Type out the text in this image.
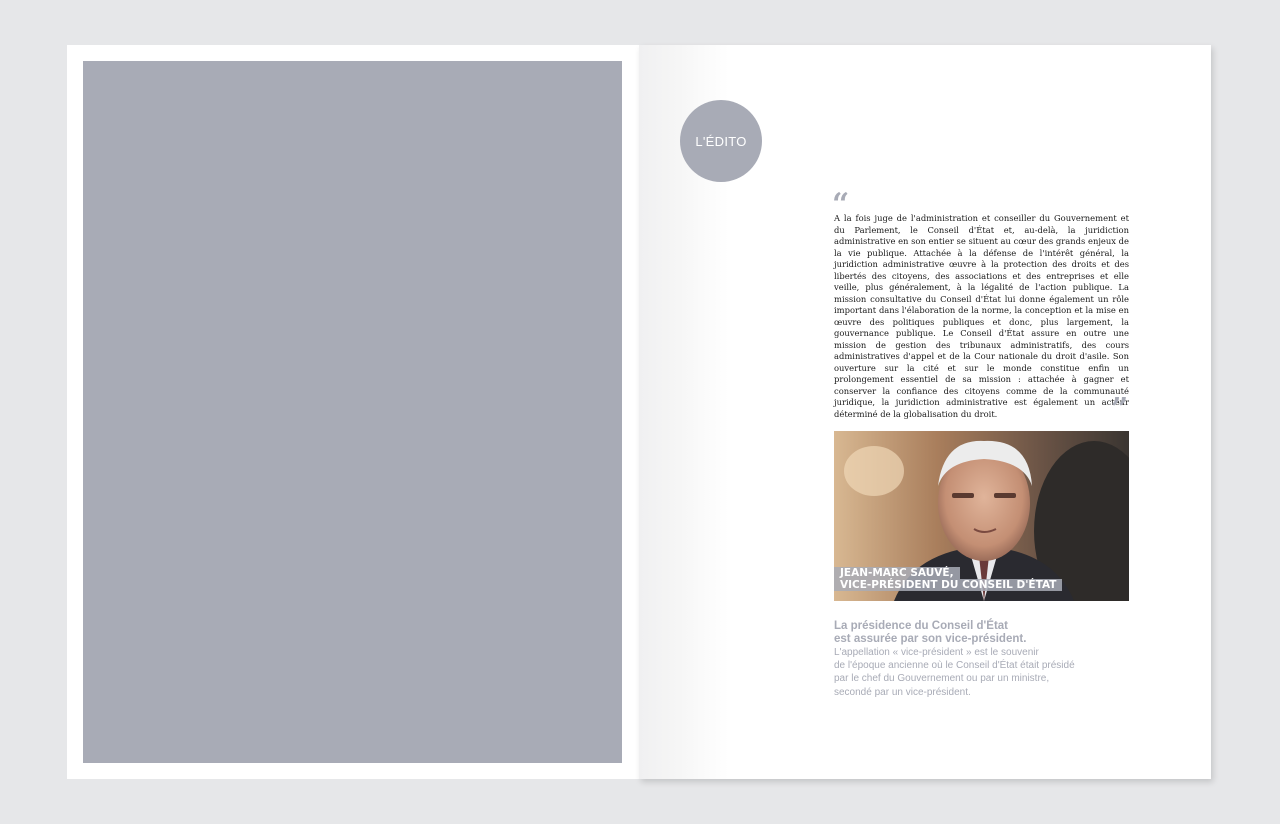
L'ÉDITO
“

A la fois juge de l'administration et conseiller du Gouvernement et du Parlement, le Conseil d'État et, au-delà, la juridiction administrative en son entier se situent au cœur des grands enjeux de la vie publique. Attachée à la défense de l'intérêt général, la juridiction administrative œuvre à la protection des droits et des libertés des citoyens, des associations et des entreprises et elle veille, plus généralement, à la légalité de l'action publique. La mission consultative du Conseil d'État lui donne également un rôle important dans l'élaboration de la norme, la conception et la mise en œuvre des politiques publiques et donc, plus largement, la gouvernance publique. Le Conseil d'État assure en outre une mission de gestion des tribunaux administratifs, des cours administratives d'appel et de la Cour nationale du droit d'asile. Son ouverture sur la cité et sur le monde constitue enfin un prolongement essentiel de sa mission : attachée à gagner et conserver la confiance des citoyens comme de la communauté juridique, la juridiction administrative est également un acteur déterminé de la globalisation du droit.	”
JEAN-MARC SAUVÉ,
VICE-PRÉSIDENT DU CONSEIL D'ÉTAT
La présidence du Conseil d'État
est assurée par son vice-président.
L'appellation « vice-président » est le souvenir
de l'époque ancienne où le Conseil d'État était présidé
par le chef du Gouvernement ou par un ministre,
secondé par un vice-président.
